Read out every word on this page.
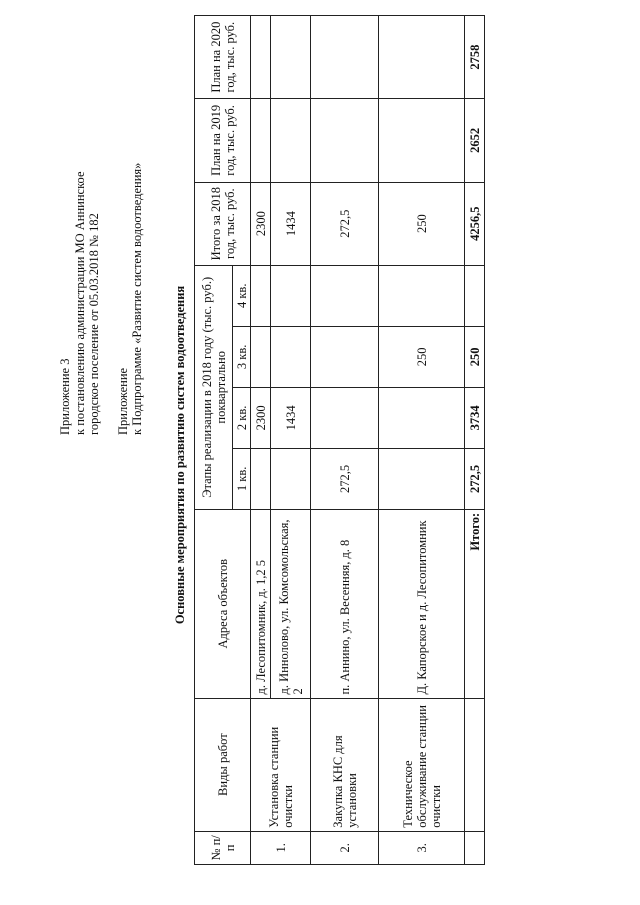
Приложение 3 к постановлению администрации МО Аннинское городское поселение от 05.03.2018 № 182 Приложение к Подпрограмме «Развитие систем водоотведения» Основные мероприятия по развитию систем водоотведения
№ п/п	Виды работ	Адреса объектов	Этапы реализации в 2018 году (тыс. руб.) поквартально				Итого за 2018 год, тыс. руб.	План на 2019 год, тыс. руб.	План на 2020 год, тыс. руб.
			1 кв.	2 кв.	3 кв.	4 кв.			
1.	Установка станции очистки	д. Лесопитомник, д. 1,2 5		2300			2300		
		д. Иннолово, ул. Комсомольская, 2		1434			1434		
2.	Закупка КНС для установки	п. Аннино, ул. Весенняя, д. 8	272,5				272,5		
3.	Техническое обслуживание станции очистки	Д. Капорское и д. Лесопитомник			250		250		
		Итого:	272,5	3734	250		4256,5	2652	2758
